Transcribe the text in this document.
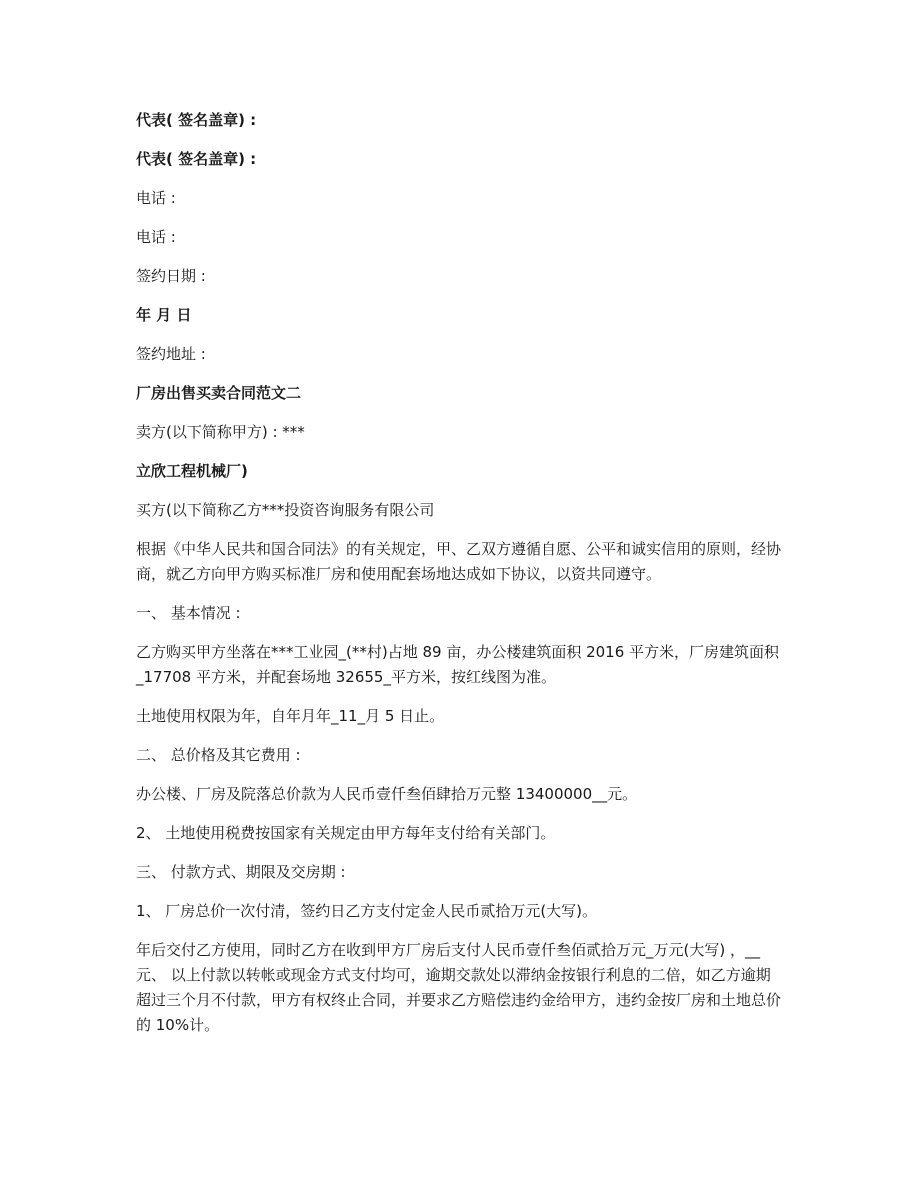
代表( 签名盖章) :

代表( 签名盖章) :

电话 :

电话 :

签约日期 :

年 月 日

签约地址 :

厂房出售买卖合同范文二

卖方(以下简称甲方) : ***

立欣工程机械厂)

买方(以下简称乙方***投资咨询服务有限公司

根据《中华人民共和国合同法》的有关规定，甲、乙双方遵循自愿、公平和诚实信用的原则，经协商，就乙方向甲方购买标准厂房和使用配套场地达成如下协议，以资共同遵守。

一、 基本情况 :

乙方购买甲方坐落在***工业园_(**村)占地 89 亩，办公楼建筑面积 2016 平方米，厂房建筑面积_17708 平方米，并配套场地 32655_平方米，按红线图为准。

土地使用权限为年，自年月年_11_月 5 日止。

二、 总价格及其它费用 :

办公楼、厂房及院落总价款为人民币壹仟叁佰肆拾万元整 13400000__元。

2、 土地使用税费按国家有关规定由甲方每年支付给有关部门。

三、 付款方式、期限及交房期 :

1、 厂房总价一次付清，签约日乙方支付定金人民币贰拾万元(大写)。

年后交付乙方使用，同时乙方在收到甲方厂房后支付人民币壹仟叁佰贰拾万元_万元(大写) ，__元、 以上付款以转帐或现金方式支付均可，逾期交款处以滞纳金按银行利息的二倍，如乙方逾期超过三个月不付款，甲方有权终止合同，并要求乙方赔偿违约金给甲方，违约金按厂房和土地总价的 10%计。
